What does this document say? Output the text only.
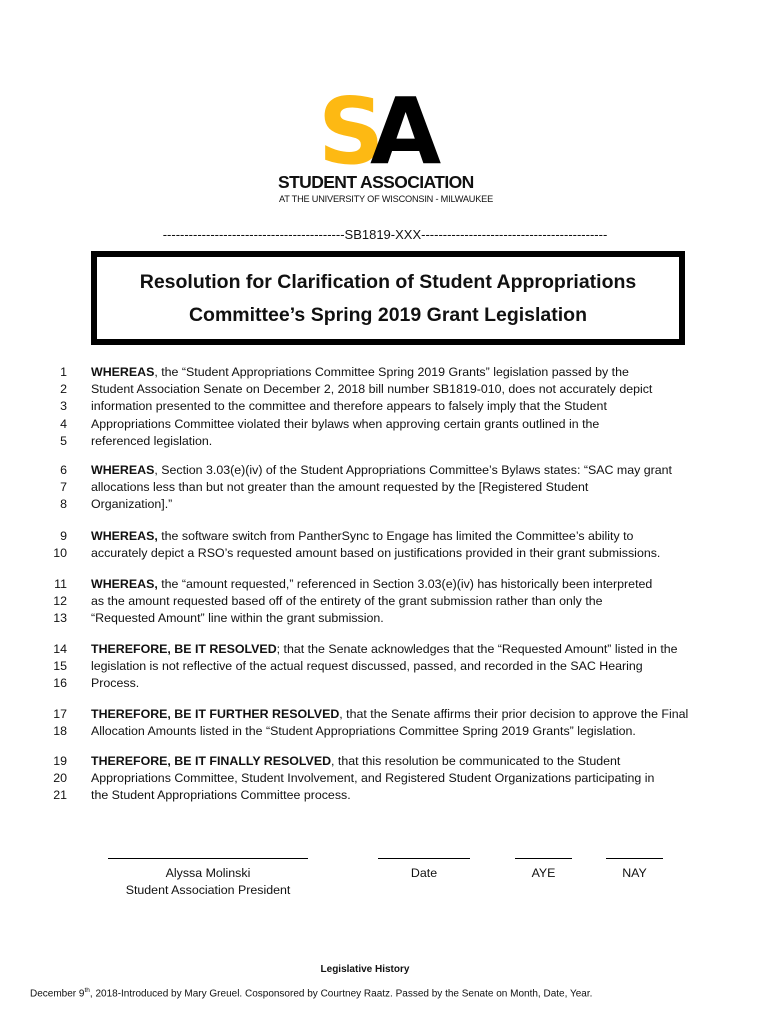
S
A
STUDENT ASSOCIATION
AT THE UNIVERSITY OF WISCONSIN - MILWAUKEE
------------------------------------------SB1819-XXX-------------------------------------------
Resolution for Clarification of Student Appropriations
Committee’s Spring 2019 Grant Legislation
1 WHEREAS, the “Student Appropriations Committee Spring 2019 Grants” legislation passed by the
2 Student Association Senate on December 2, 2018 bill number SB1819-010, does not accurately depict
3 information presented to the committee and therefore appears to falsely imply that the Student
4 Appropriations Committee violated their bylaws when approving certain grants outlined in the
5 referenced legislation.
6 WHEREAS, Section 3.03(e)(iv) of the Student Appropriations Committee’s Bylaws states: “SAC may grant
7 allocations less than but not greater than the amount requested by the [Registered Student
8 Organization].”
9 WHEREAS, the software switch from PantherSync to Engage has limited the Committee’s ability to
10 accurately depict a RSO’s requested amount based on justifications provided in their grant submissions.
11 WHEREAS, the “amount requested,” referenced in Section 3.03(e)(iv) has historically been interpreted
12 as the amount requested based off of the entirety of the grant submission rather than only the
13 “Requested Amount” line within the grant submission.
14 THEREFORE, BE IT RESOLVED; that the Senate acknowledges that the “Requested Amount” listed in the
15 legislation is not reflective of the actual request discussed, passed, and recorded in the SAC Hearing
16 Process.
17 THEREFORE, BE IT FURTHER RESOLVED, that the Senate affirms their prior decision to approve the Final
18 Allocation Amounts listed in the “Student Appropriations Committee Spring 2019 Grants” legislation.
19 THEREFORE, BE IT FINALLY RESOLVED, that this resolution be communicated to the Student
20 Appropriations Committee, Student Involvement, and Registered Student Organizations participating in
21 the Student Appropriations Committee process.
Alyssa Molinski
Student Association President
Date	AYE	NAY
Legislative History
December 9th, 2018-Introduced by Mary Greuel. Cosponsored by Courtney Raatz. Passed by the Senate on Month, Date, Year.
